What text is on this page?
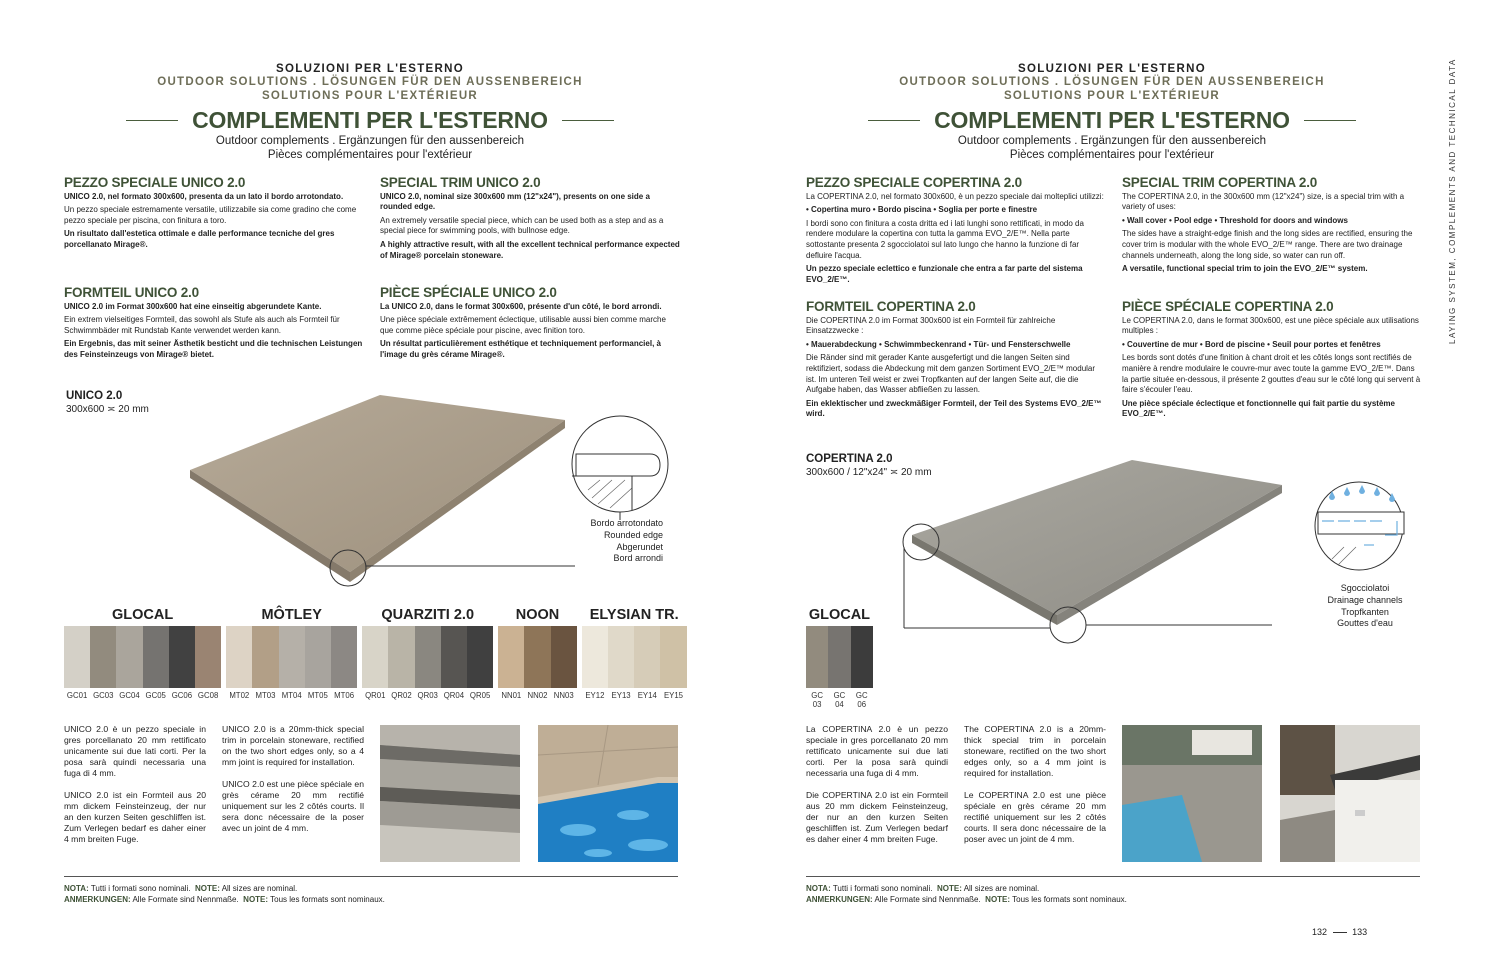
SOLUZIONI PER L'ESTERNO
OUTDOOR SOLUTIONS . LÖSUNGEN FÜR DEN AUSSENBEREICH
SOLUTIONS POUR L'EXTÉRIEUR
COMPLEMENTI PER L'ESTERNO
Outdoor complements . Ergänzungen für den aussenbereich
Pièces complémentaires pour l'extérieur
PEZZO SPECIALE UNICO 2.0

UNICO 2.0, nel formato 300x600, presenta da un lato il bordo arrotondato.

Un pezzo speciale estremamente versatile, utilizzabile sia come gradino che come pezzo speciale per piscina, con finitura a toro.

Un risultato dall'estetica ottimale e dalle performance tecniche del gres porcellanato Mirage®.

SPECIAL TRIM UNICO 2.0

UNICO 2.0, nominal size 300x600 mm (12"x24"), presents on one side a rounded edge.

An extremely versatile special piece, which can be used both as a step and as a special piece for swimming pools, with bullnose edge.

A highly attractive result, with all the excellent technical performance expected of Mirage® porcelain stoneware.

FORMTEIL UNICO 2.0

UNICO 2.0 im Format 300x600 hat eine einseitig abgerundete Kante.

Ein extrem vielseitiges Formteil, das sowohl als Stufe als auch als Formteil für Schwimmbäder mit Rundstab Kante verwendet werden kann.

Ein Ergebnis, das mit seiner Ästhetik besticht und die technischen Leistungen des Feinsteinzeugs von Mirage® bietet.

PIÈCE SPÉCIALE UNICO 2.0

La UNICO 2.0, dans le format 300x600, présente d'un côté, le bord arrondi.

Une pièce spéciale extrêmement éclectique, utilisable aussi bien comme marche que comme pièce spéciale pour piscine, avec finition toro.

Un résultat particulièrement esthétique et techniquement performanciel, à l'image du grès cérame Mirage®.

UNICO 2.0
300x600 ≍ 20 mm
Bordo arrotondato
Rounded edge
Abgerundet
Bord arrondi
GLOCAL
GC01 GC03 GC04 GC05 GC06 GC08
MÔTLEY
MT02 MT03 MT04 MT05 MT06
QUARZITI 2.0
QR01 QR02 QR03 QR04 QR05
NOON
NN01 NN02 NN03
ELYSIAN TR.
EY12 EY13 EY14 EY15

UNICO 2.0 è un pezzo speciale in gres porcellanato 20 mm rettificato unicamente sui due lati corti. Per la posa sarà quindi necessaria una fuga di 4 mm.

UNICO 2.0 ist ein Formteil aus 20 mm dickem Feinsteinzeug, der nur an den kurzen Seiten geschliffen ist. Zum Verlegen bedarf es daher einer 4 mm breiten Fuge.

UNICO 2.0 is a 20mm-thick special trim in porcelain stoneware, rectified on the two short edges only, so a 4 mm joint is required for installation.

UNICO 2.0 est une pièce spéciale en grès cérame 20 mm rectifié uniquement sur les 2 côtés courts. Il sera donc nécessaire de la poser avec un joint de 4 mm.

NOTA: Tutti i formati sono nominali. NOTE: All sizes are nominal.
ANMERKUNGEN: Alle Formate sind Nennmaße. NOTE: Tous les formats sont nominaux.
SOLUZIONI PER L'ESTERNO
OUTDOOR SOLUTIONS . LÖSUNGEN FÜR DEN AUSSENBEREICH
SOLUTIONS POUR L'EXTÉRIEUR
COMPLEMENTI PER L'ESTERNO
Outdoor complements . Ergänzungen für den aussenbereich
Pièces complémentaires pour l'extérieur
PEZZO SPECIALE COPERTINA 2.0

La COPERTINA 2.0, nel formato 300x600, è un pezzo speciale dai molteplici utilizzi:

• Copertina muro • Bordo piscina • Soglia per porte e finestre

I bordi sono con finitura a costa dritta ed i lati lunghi sono rettificati, in modo da rendere modulare la copertina con tutta la gamma EVO_2/E™. Nella parte sottostante presenta 2 sgocciolatoi sul lato lungo che hanno la funzione di far defluire l'acqua.

Un pezzo speciale eclettico e funzionale che entra a far parte del sistema EVO_2/E™.

SPECIAL TRIM COPERTINA 2.0

The COPERTINA 2.0, in the 300x600 mm (12"x24") size, is a special trim with a variety of uses:

• Wall cover • Pool edge • Threshold for doors and windows

The sides have a straight-edge finish and the long sides are rectified, ensuring the cover trim is modular with the whole EVO_2/E™ range. There are two drainage channels underneath, along the long side, so water can run off.

A versatile, functional special trim to join the EVO_2/E™ system.

FORMTEIL COPERTINA 2.0

Die COPERTINA 2.0 im Format 300x600 ist ein Formteil für zahlreiche Einsatzzwecke :

• Mauerabdeckung • Schwimmbeckenrand • Tür- und Fensterschwelle

Die Ränder sind mit gerader Kante ausgefertigt und die langen Seiten sind rektifiziert, sodass die Abdeckung mit dem ganzen Sortiment EVO_2/E™ modular ist. Im unteren Teil weist er zwei Tropfkanten auf der langen Seite auf, die die Aufgabe haben, das Wasser abfließen zu lassen.

Ein eklektischer und zweckmäßiger Formteil, der Teil des Systems EVO_2/E™ wird.

PIÈCE SPÉCIALE COPERTINA 2.0

Le COPERTINA 2.0, dans le format 300x600, est une pièce spéciale aux utilisations multiples :

• Couvertine de mur • Bord de piscine • Seuil pour portes et fenêtres

Les bords sont dotés d'une finition à chant droit et les côtés longs sont rectifiés de manière à rendre modulaire le couvre-mur avec toute la gamme EVO_2/E™. Dans la partie située en-dessous, il présente 2 gouttes d'eau sur le côté long qui servent à faire s'écouler l'eau.

Une pièce spéciale éclectique et fonctionnelle qui fait partie du système EVO_2/E™.

COPERTINA 2.0
300x600 / 12"x24" ≍ 20 mm
Sgocciolatoi
Drainage channels
Tropfkanten
Gouttes d'eau
GLOCAL
GC 03
GC 04
GC 06

La COPERTINA 2.0 è un pezzo speciale in gres porcellanato 20 mm rettificato unicamente sui due lati corti. Per la posa sarà quindi necessaria una fuga di 4 mm.

Die COPERTINA 2.0 ist ein Formteil aus 20 mm dickem Feinsteinzeug, der nur an den kurzen Seiten geschliffen ist. Zum Verlegen bedarf es daher einer 4 mm breiten Fuge.

The COPERTINA 2.0 is a 20mm-thick special trim in porcelain stoneware, rectified on the two short edges only, so a 4 mm joint is required for installation.

Le COPERTINA 2.0 est une pièce spéciale en grès cérame 20 mm rectifié uniquement sur les 2 côtés courts. Il sera donc nécessaire de la poser avec un joint de 4 mm.

NOTA: Tutti i formati sono nominali. NOTE: All sizes are nominal.
ANMERKUNGEN: Alle Formate sind Nennmaße. NOTE: Tous les formats sont nominaux.
132	133
LAYING SYSTEM, COMPLEMENTS AND TECHNICAL DATA
